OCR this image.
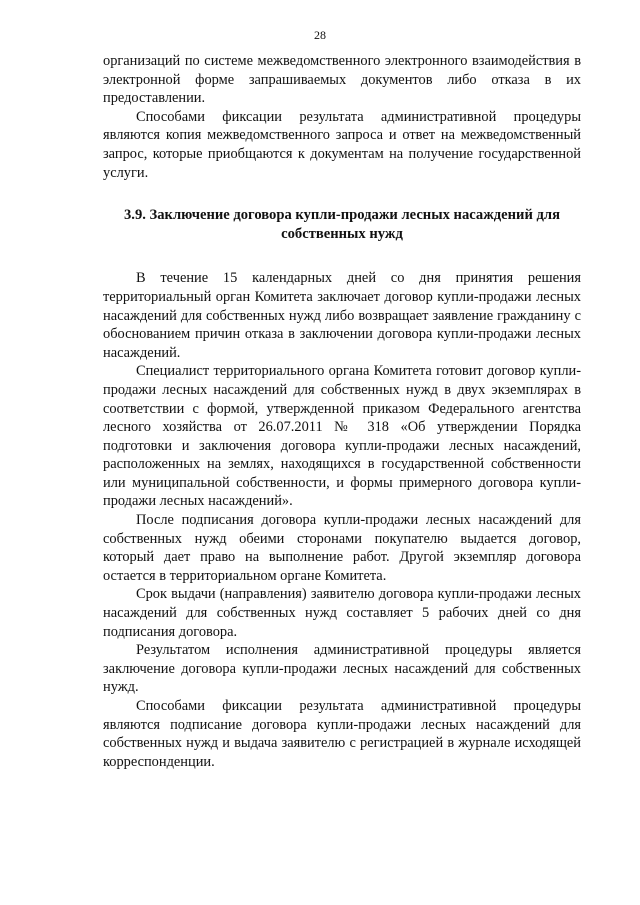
28

организаций по системе межведомственного электронного взаимодействия в электронной форме запрашиваемых документов либо отказа в их предоставлении.

Способами фиксации результата административной процедуры являются копия межведомственного запроса и ответ на межведомственный запрос, которые приобщаются к документам на получение государственной услуги.

3.9. Заключение договора купли-продажи лесных насаждений для собственных нужд

В течение 15 календарных дней со дня принятия решения территориальный орган Комитета заключает договор купли-продажи лесных насаждений для собственных нужд либо возвращает заявление гражданину с обоснованием причин отказа в заключении договора купли-продажи лесных насаждений.

Специалист территориального органа Комитета готовит договор купли-продажи лесных насаждений для собственных нужд в двух экземплярах в соответствии с формой, утвержденной приказом Федерального агентства лесного хозяйства от 26.07.2011 № 318 «Об утверждении Порядка подготовки и заключения договора купли-продажи лесных насаждений, расположенных на землях, находящихся в государственной собственности или муниципальной собственности, и формы примерного договора купли-продажи лесных насаждений».

После подписания договора купли-продажи лесных насаждений для собственных нужд обеими сторонами покупателю выдается договор, который дает право на выполнение работ. Другой экземпляр договора остается в территориальном органе Комитета.

Срок выдачи (направления) заявителю договора купли-продажи лесных насаждений для собственных нужд составляет 5 рабочих дней со дня подписания договора.

Результатом исполнения административной процедуры является заключение договора купли-продажи лесных насаждений для собственных нужд.

Способами фиксации результата административной процедуры являются подписание договора купли-продажи лесных насаждений для собственных нужд и выдача заявителю с регистрацией в журнале исходящей корреспонденции.
